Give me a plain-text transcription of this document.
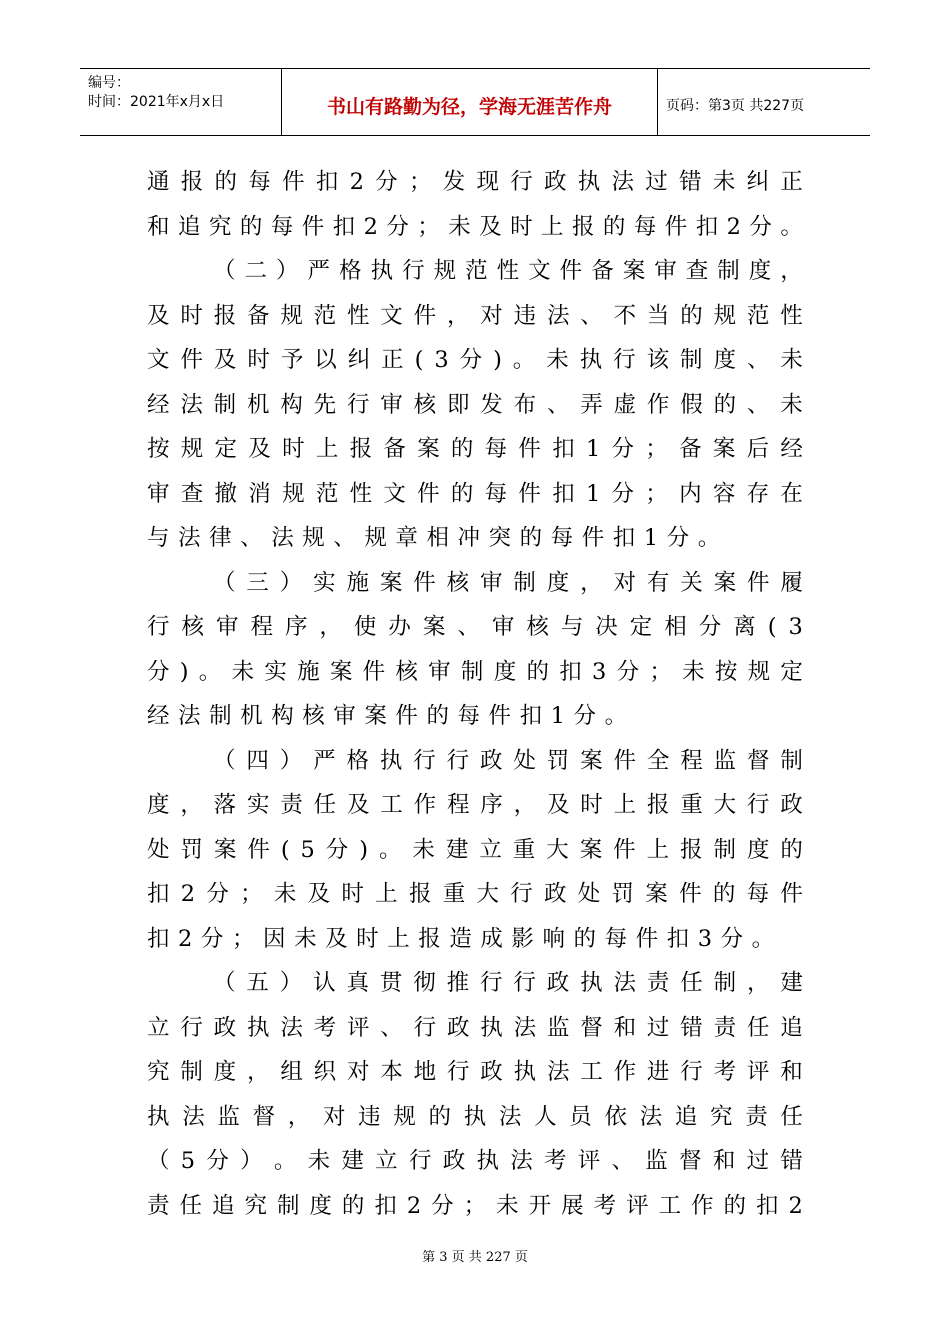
编号：
时间：2021年x月x日	书山有路勤为径，学海无涯苦作舟	页码：第3页 共227页
通 报 的 每 件 扣 2 分 ； 发 现 行 政 执 法 过 错 未 纠 正
和 追 究 的 每 件 扣 2 分 ； 未 及 时 上 报 的 每 件 扣 2 分 。
（ 二 ） 严 格 执 行 规 范 性 文 件 备 案 审 查 制 度 ，
及 时 报 备 规 范 性 文 件 ， 对 违 法 、 不 当 的 规 范 性
文 件 及 时 予 以 纠 正 ( 3 分 ) 。 未 执 行 该 制 度 、 未
经 法 制 机 构 先 行 审 核 即 发 布 、 弄 虚 作 假 的 、 未
按 规 定 及 时 上 报 备 案 的 每 件 扣 1 分 ； 备 案 后 经
审 查 撤 消 规 范 性 文 件 的 每 件 扣 1 分 ； 内 容 存 在
与法律、法规、规章相冲突的每件扣1分。
（ 三 ） 实 施 案 件 核 审 制 度 ， 对 有 关 案 件 履
行 核 审 程 序 ， 使 办 案 、 审 核 与 决 定 相 分 离 ( 3
分 ) 。 未 实 施 案 件 核 审 制 度 的 扣 3 分 ； 未 按 规 定
经法制机构核审案件的每件扣1分。
（ 四 ） 严 格 执 行 行 政 处 罚 案 件 全 程 监 督 制
度 ， 落 实 责 任 及 工 作 程 序 ， 及 时 上 报 重 大 行 政
处 罚 案 件 ( 5 分 ) 。 未 建 立 重 大 案 件 上 报 制 度 的
扣 2 分 ； 未 及 时 上 报 重 大 行 政 处 罚 案 件 的 每 件
扣2分；因未及时上报造成影响的每件扣3分。
（ 五 ） 认 真 贯 彻 推 行 行 政 执 法 责 任 制 ， 建
立 行 政 执 法 考 评 、 行 政 执 法 监 督 和 过 错 责 任 追
究 制 度 ， 组 织 对 本 地 行 政 执 法 工 作 进 行 考 评 和
执 法 监 督 ， 对 违 规 的 执 法 人 员 依 法 追 究 责 任
（ 5 分 ） 。 未 建 立 行 政 执 法 考 评 、 监 督 和 过 错
责 任 追 究 制 度 的 扣 2 分 ； 未 开 展 考 评 工 作 的 扣 2
第 3 页 共 227 页
